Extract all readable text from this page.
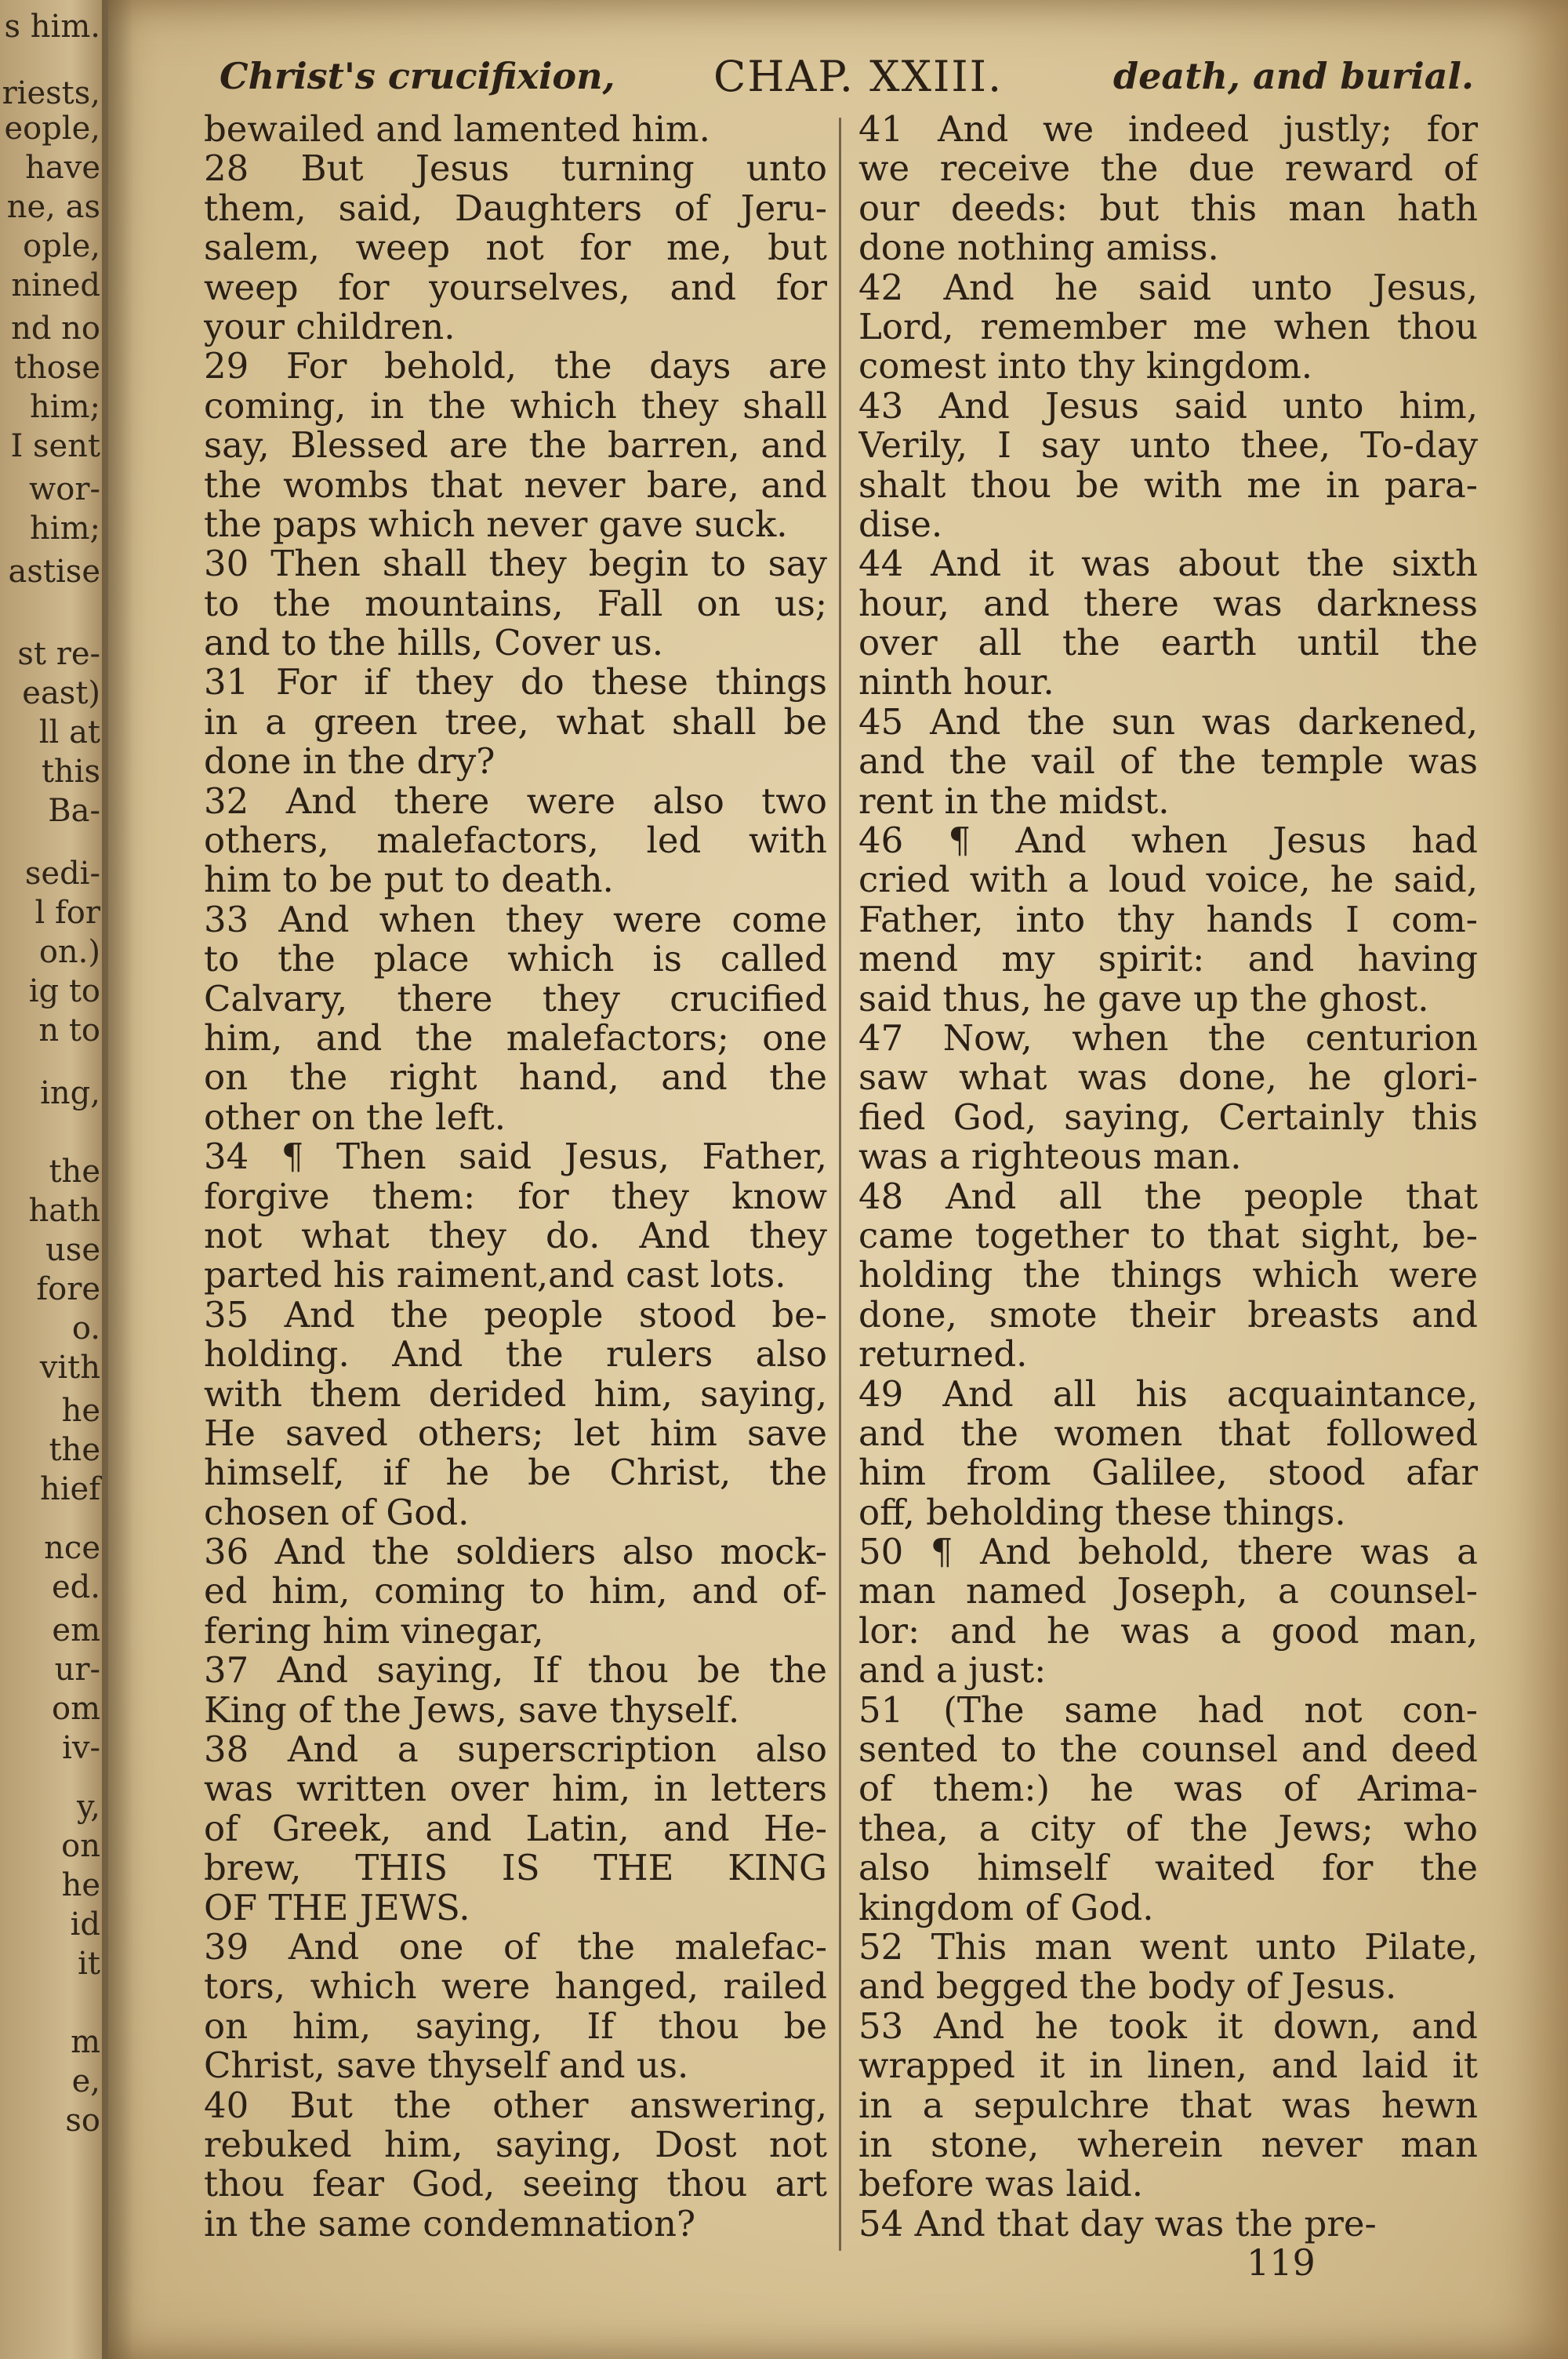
s him.
riests,
eople,
have
ne, as
ople,
nined
nd no
those
him;
I sent
wor-
him;
astise
st re-
east)
ll at
this
Ba-
sedi-
l for
on.)
ig to
n to
ing,
the
hath
use
fore
o.
vith
he
the
hief
nce
ed.
em
ur-
om
iv-
y,
on
he
id
it
m
e,
so
Christ's crucifixion, CHAP. XXIII.	death, and burial.
bewailed and lamented him.
28 But Jesus turning unto
them, said, Daughters of Jeru-
salem, weep not for me, but
weep for yourselves, and for
your children.
29 For behold, the days are
coming, in the which they shall
say, Blessed are the barren, and
the wombs that never bare, and
the paps which never gave suck.
30 Then shall they begin to say
to the mountains, Fall on us;
and to the hills, Cover us.
31 For if they do these things
in a green tree, what shall be
done in the dry?
32 And there were also two
others, malefactors, led with
him to be put to death.
33 And when they were come
to the place which is called
Calvary, there they crucified
him, and the malefactors; one
on the right hand, and the
other on the left.
34 ¶ Then said Jesus, Father,
forgive them: for they know
not what they do. And they
parted his raiment,and cast lots.
35 And the people stood be-
holding. And the rulers also
with them derided him, saying,
He saved others; let him save
himself, if he be Christ, the
chosen of God.
36 And the soldiers also mock-
ed him, coming to him, and of-
fering him vinegar,
37 And saying, If thou be the
King of the Jews, save thyself.
38 And a superscription also
was written over him, in letters
of Greek, and Latin, and He-
brew, THIS IS THE KING
OF THE JEWS.
39 And one of the malefac-
tors, which were hanged, railed
on him, saying, If thou be
Christ, save thyself and us.
40 But the other answering,
rebuked him, saying, Dost not
thou fear God, seeing thou art
in the same condemnation?
41 And we indeed justly; for
we receive the due reward of
our deeds: but this man hath
done nothing amiss.
42 And he said unto Jesus,
Lord, remember me when thou
comest into thy kingdom.
43 And Jesus said unto him,
Verily, I say unto thee, To-day
shalt thou be with me in para-
dise.
44 And it was about the sixth
hour, and there was darkness
over all the earth until the
ninth hour.
45 And the sun was darkened,
and the vail of the temple was
rent in the midst.
46 ¶ And when Jesus had
cried with a loud voice, he said,
Father, into thy hands I com-
mend my spirit: and having
said thus, he gave up the ghost.
47 Now, when the centurion
saw what was done, he glori-
fied God, saying, Certainly this
was a righteous man.
48 And all the people that
came together to that sight, be-
holding the things which were
done, smote their breasts and
returned.
49 And all his acquaintance,
and the women that followed
him from Galilee, stood afar
off, beholding these things.
50 ¶ And behold, there was a
man named Joseph, a counsel-
lor: and he was a good man,
and a just:
51 (The same had not con-
sented to the counsel and deed
of them:) he was of Arima-
thea, a city of the Jews; who
also himself waited for the
kingdom of God.
52 This man went unto Pilate,
and begged the body of Jesus.
53 And he took it down, and
wrapped it in linen, and laid it
in a sepulchre that was hewn
in stone, wherein never man
before was laid.
54 And that day was the pre-
119
